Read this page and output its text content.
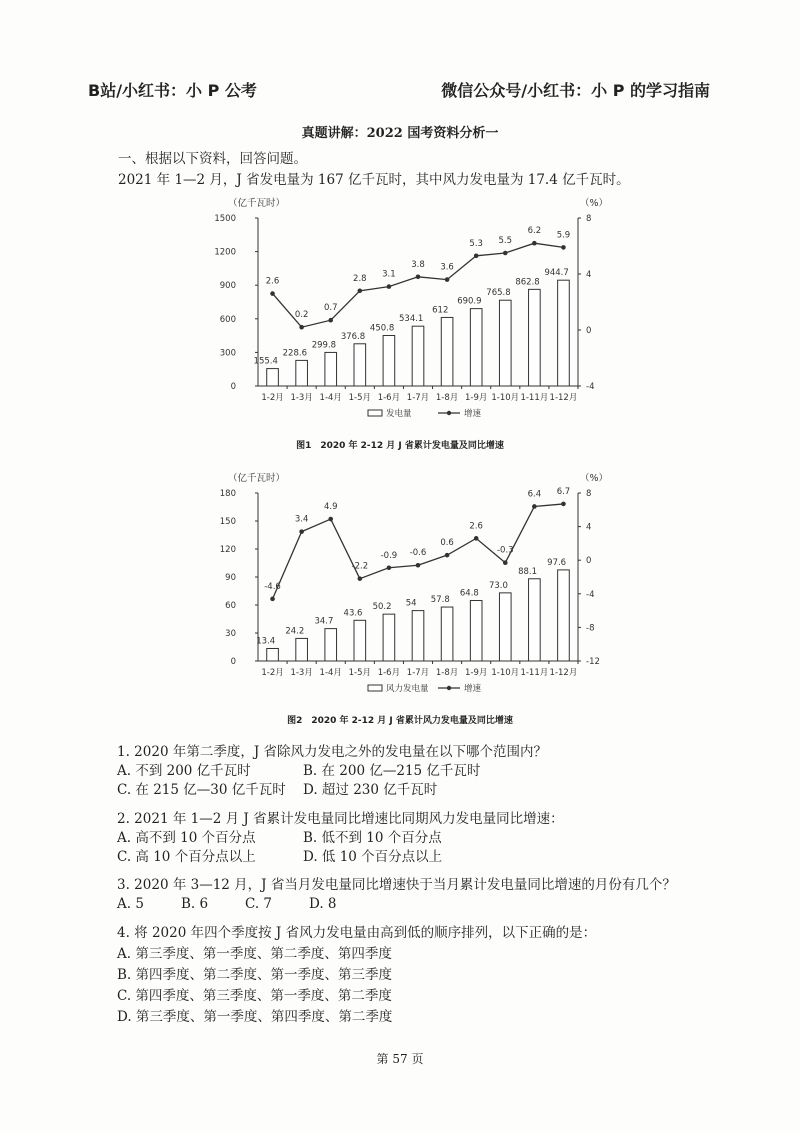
B站/小红书：小 P 公考	微信公众号/小红书：小 P 的学习指南
真题讲解：2022 国考资料分析一
一、根据以下资料，回答问题。
2021 年 1—2 月，J 省发电量为 167 亿千瓦时，其中风力发电量为 17.4 亿千瓦时。
（亿千瓦时）	（%）
1500
1200
900
600
300
0
8
4
0
-4
1-2月 1-3月 1-4月 1-5月 1-6月 1-7月 1-8月 1-9月 1-10月 1-11月 1-12月
155.4
228.6
299.8
376.8
450.8
534.1
612
690.9
765.8
862.8
944.7
2.6
0.2
0.7
2.8 3.1
3.8 3.6
5.3 5.5
6.2 5.9
发电量	增速
图1　2020 年 2-12 月 J 省累计发电量及同比增速
（亿千瓦时）	（%）
180
150
120
90
60
30
0
8
4
0
-4
-8
-12
1-2月 1-3月 1-4月 1-5月 1-6月 1-7月 1-8月 1-9月 1-10月 1-11月 1-12月
13.4
24.2
34.7
43.6
50.2 54 57.8
64.8
73.0
88.1
97.6
-4.6
3.4
4.9
-2.2
-0.9 -0.6
0.6
2.6
-0.3
6.4 6.7
风力发电量	增速
图2　2020 年 2-12 月 J 省累计风力发电量及同比增速
1. 2020 年第二季度，J 省除风力发电之外的发电量在以下哪个范围内？
A. 不到 200 亿千瓦时	B. 在 200 亿—215 亿千瓦时
C. 在 215 亿—30 亿千瓦时	D. 超过 230 亿千瓦时
2. 2021 年 1—2 月 J 省累计发电量同比增速比同期风力发电量同比增速：
A. 高不到 10 个百分点	B. 低不到 10 个百分点
C. 高 10 个百分点以上	D. 低 10 个百分点以上
3. 2020 年 3—12 月，J 省当月发电量同比增速快于当月累计发电量同比增速的月份有几个？
A. 5	B. 6	C. 7	D. 8
4. 将 2020 年四个季度按 J 省风力发电量由高到低的顺序排列，以下正确的是：
A. 第三季度、第一季度、第二季度、第四季度
B. 第四季度、第二季度、第一季度、第三季度
C. 第四季度、第三季度、第一季度、第二季度
D. 第三季度、第一季度、第四季度、第二季度
第 57 页
